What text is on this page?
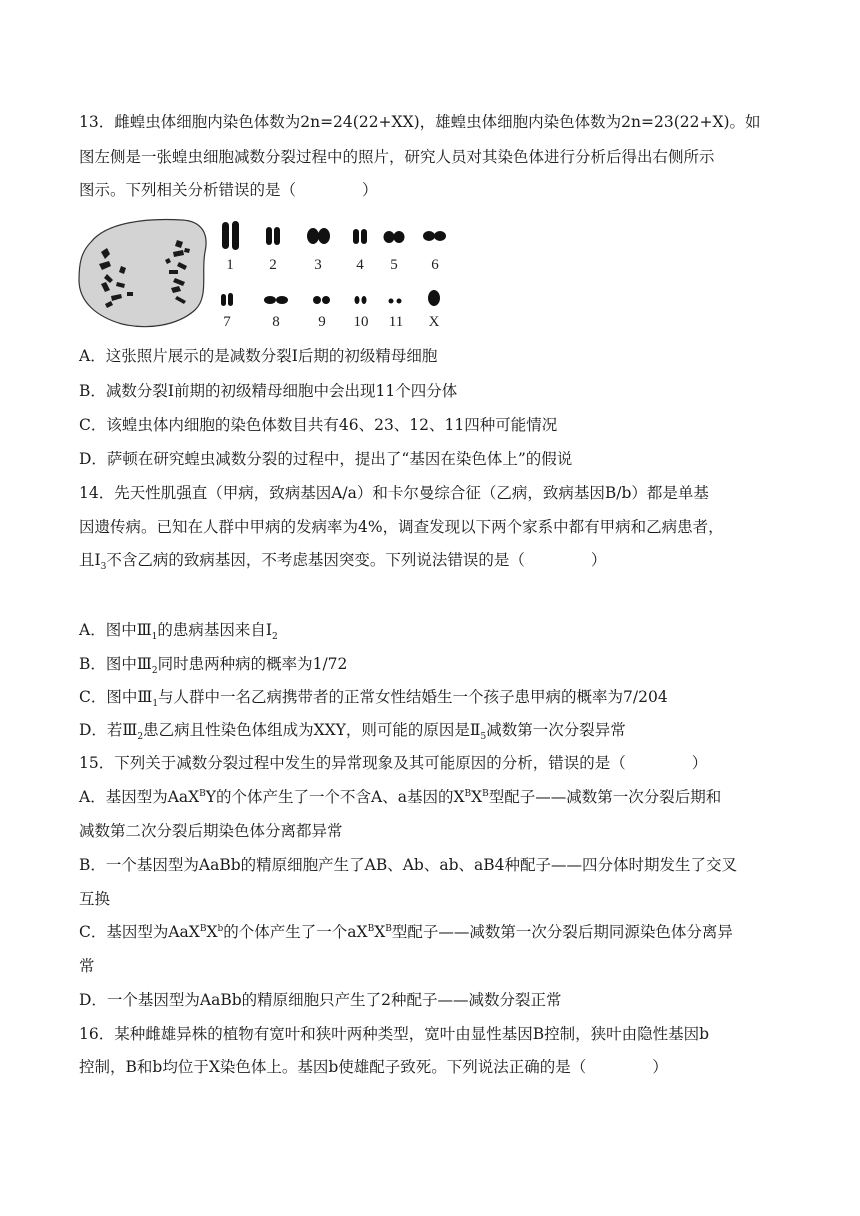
13．雌蝗虫体细胞内染色体数为2n=24(22+XX)，雄蝗虫体细胞内染色体数为2n=23(22+X)。如
图左侧是一张蝗虫细胞减数分裂过程中的照片，研究人员对其染色体进行分析后得出右侧所示
图示。下列相关分析错误的是（	）
1 2	3 4 5 6
7	8	9 10 11 X
A．这张照片展示的是减数分裂Ⅰ后期的初级精母细胞
B．减数分裂Ⅰ前期的初级精母细胞中会出现11个四分体
C．该蝗虫体内细胞的染色体数目共有46、23、12、11四种可能情况
D．萨顿在研究蝗虫减数分裂的过程中，提出了“基因在染色体上”的假说
14．先天性肌强直（甲病，致病基因A/a）和卡尔曼综合征（乙病，致病基因B/b）都是单基
因遗传病。已知在人群中甲病的发病率为4%，调查发现以下两个家系中都有甲病和乙病患者，
且$Ⅰ_3$不含乙病的致病基因，不考虑基因突变。下列说法错误的是（	）
A．图中$Ⅲ_1$的患病基因来自$Ⅰ_2$
B．图中$Ⅲ_2$同时患两种病的概率为1/72
C．图中$Ⅲ_1$与人群中一名乙病携带者的正常女性结婚生一个孩子患甲病的概率为7/204
D．若$Ⅲ_2$患乙病且性染色体组成为XXY，则可能的原因是$Ⅱ_5$减数第一次分裂异常
15．下列关于减数分裂过程中发生的异常现象及其可能原因的分析，错误的是（	）
A．基因型为AaX$^B$Y的个体产生了一个不含A、a基因的$X^BX^B$型配子——减数第一次分裂后期和
减数第二次分裂后期染色体分离都异常
B．一个基因型为AaBb的精原细胞产生了AB、Ab、ab、aB4种配子——四分体时期发生了交叉
互换
C．基因型为$AaX^BX^b$的个体产生了一个$aX^BX^B$型配子——减数第一次分裂后期同源染色体分离异
常
D．一个基因型为AaBb的精原细胞只产生了2种配子——减数分裂正常
16．某种雌雄异株的植物有宽叶和狭叶两种类型，宽叶由显性基因B控制，狭叶由隐性基因b
控制，B和b均位于X染色体上。基因b使雄配子致死。下列说法正确的是（	）
